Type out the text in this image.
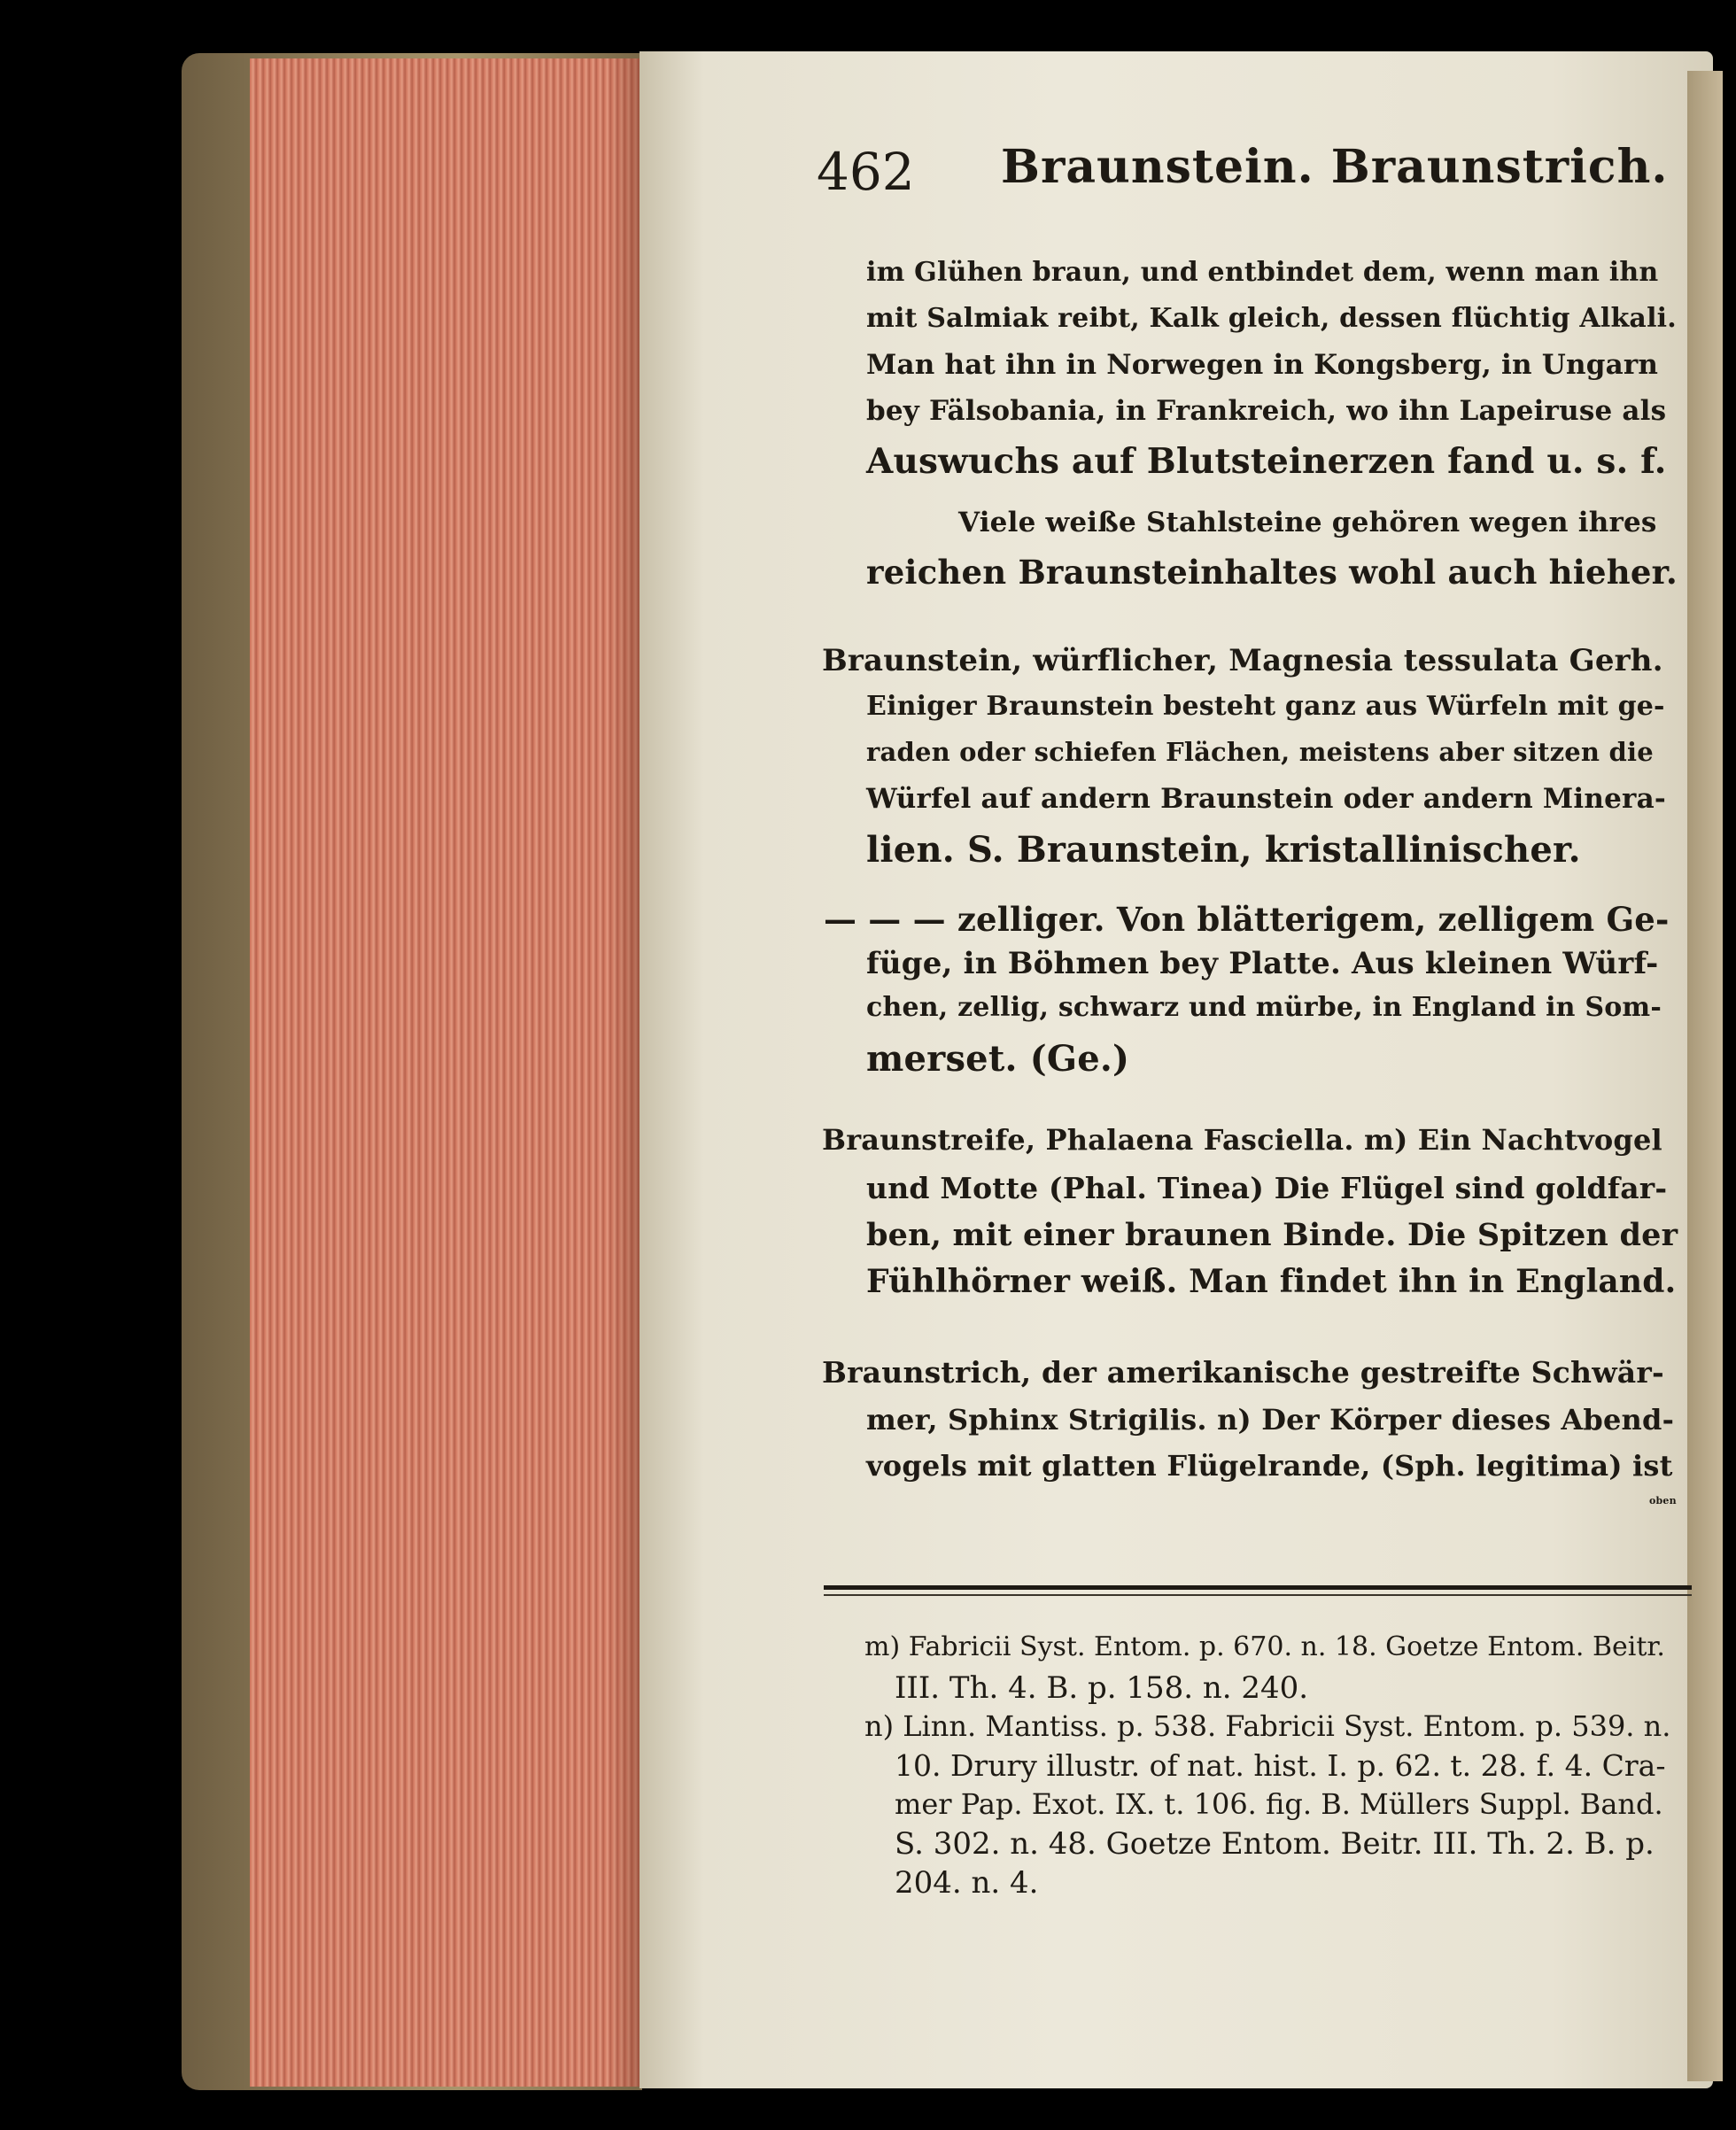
462 Braunstein. Braunstrich.
im Glühen braun, und entbindet dem, wenn man ihn
mit Salmiak reibt, Kalk gleich, dessen flüchtig Alkali.
Man hat ihn in Norwegen in Kongsberg, in Ungarn
bey Fälsobania, in Frankreich, wo ihn Lapeiruse als
Auswuchs auf Blutsteinerzen fand u. s. f.
Viele weiße Stahlsteine gehören wegen ihres
reichen Braunsteinhaltes wohl auch hieher.
Braunstein, würflicher, Magnesia tessulata Gerh.
Einiger Braunstein besteht ganz aus Würfeln mit ge-
raden oder schiefen Flächen, meistens aber sitzen die
Würfel auf andern Braunstein oder andern Minera-
lien. S. Braunstein, kristallinischer.
— — — zelliger. Von blätterigem, zelligem Ge-
füge, in Böhmen bey Platte. Aus kleinen Würf-
chen, zellig, schwarz und mürbe, in England in Som-
merset. (Ge.)
Braunstreife, Phalaena Fasciella. m) Ein Nachtvogel
und Motte (Phal. Tinea) Die Flügel sind goldfar-
ben, mit einer braunen Binde. Die Spitzen der
Fühlhörner weiß. Man findet ihn in England.
Braunstrich, der amerikanische gestreifte Schwär-
mer, Sphinx Strigilis. n) Der Körper dieses Abend-
vogels mit glatten Flügelrande, (Sph. legitima) ist
oben
m) Fabricii Syst. Entom. p. 670. n. 18. Goetze Entom. Beitr.
III. Th. 4. B. p. 158. n. 240.
n) Linn. Mantiss. p. 538. Fabricii Syst. Entom. p. 539. n.
10. Drury illustr. of nat. hist. I. p. 62. t. 28. f. 4. Cra-
mer Pap. Exot. IX. t. 106. fig. B. Müllers Suppl. Band.
S. 302. n. 48. Goetze Entom. Beitr. III. Th. 2. B. p.
204. n. 4.
